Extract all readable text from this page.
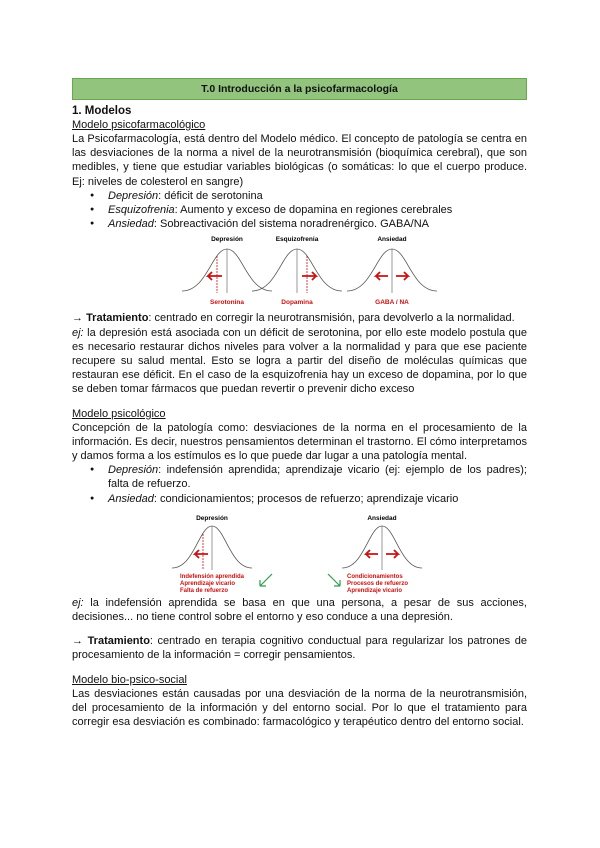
T.0 Introducción a la psicofarmacología
1. Modelos

Modelo psicofarmacológico

La Psicofarmacología, está dentro del Modelo médico. El concepto de patología se centra en las desviaciones de la norma a nivel de la neurotransmisión (bioquímica cerebral), que son medibles, y tiene que estudiar variables biológicas (o somáticas: lo que el cuerpo produce. Ej: niveles de colesterol en sangre)

● Depresión: déficit de serotonina
● Esquizofrenia: Aumento y exceso de dopamina en regiones cerebrales
● Ansiedad: Sobreactivación del sistema noradrenérgico. GABA/NA
Depresión
Serotonina
Esquizofrenia
Dopamina
Ansiedad
GABA / NA

→ Tratamiento: centrado en corregir la neurotransmisión, para devolverlo a la normalidad.

ej: la depresión está asociada con un déficit de serotonina, por ello este modelo postula que es necesario restaurar dichos niveles para volver a la normalidad y para que ese paciente recupere su salud mental. Esto se logra a partir del diseño de moléculas químicas que restauran ese déficit. En el caso de la esquizofrenia hay un exceso de dopamina, por lo que se deben tomar fármacos que puedan revertir o prevenir dicho exceso

Modelo psicológico

Concepción de la patología como: desviaciones de la norma en el procesamiento de la información. Es decir, nuestros pensamientos determinan el trastorno. El cómo interpretamos y damos forma a los estímulos es lo que puede dar lugar a una patología mental.

● Depresión: indefensión aprendida; aprendizaje vicario (ej: ejemplo de los padres); falta de refuerzo.
● Ansiedad: condicionamientos; procesos de refuerzo; aprendizaje vicario
Depresión
Indefensión aprendida
Aprendizaje vicario
Falta de refuerzo
Ansiedad
Condicionamientos
Procesos de refuerzo
Aprendizaje vicario

ej: la indefensión aprendida se basa en que una persona, a pesar de sus acciones, decisiones... no tiene control sobre el entorno y eso conduce a una depresión.

→ Tratamiento: centrado en terapia cognitivo conductual para regularizar los patrones de procesamiento de la información = corregir pensamientos.

Modelo bio-psico-social

Las desviaciones están causadas por una desviación de la norma de la neurotransmisión, del procesamiento de la información y del entorno social. Por lo que el tratamiento para corregir esa desviación es combinado: farmacológico y terapéutico dentro del entorno social.
